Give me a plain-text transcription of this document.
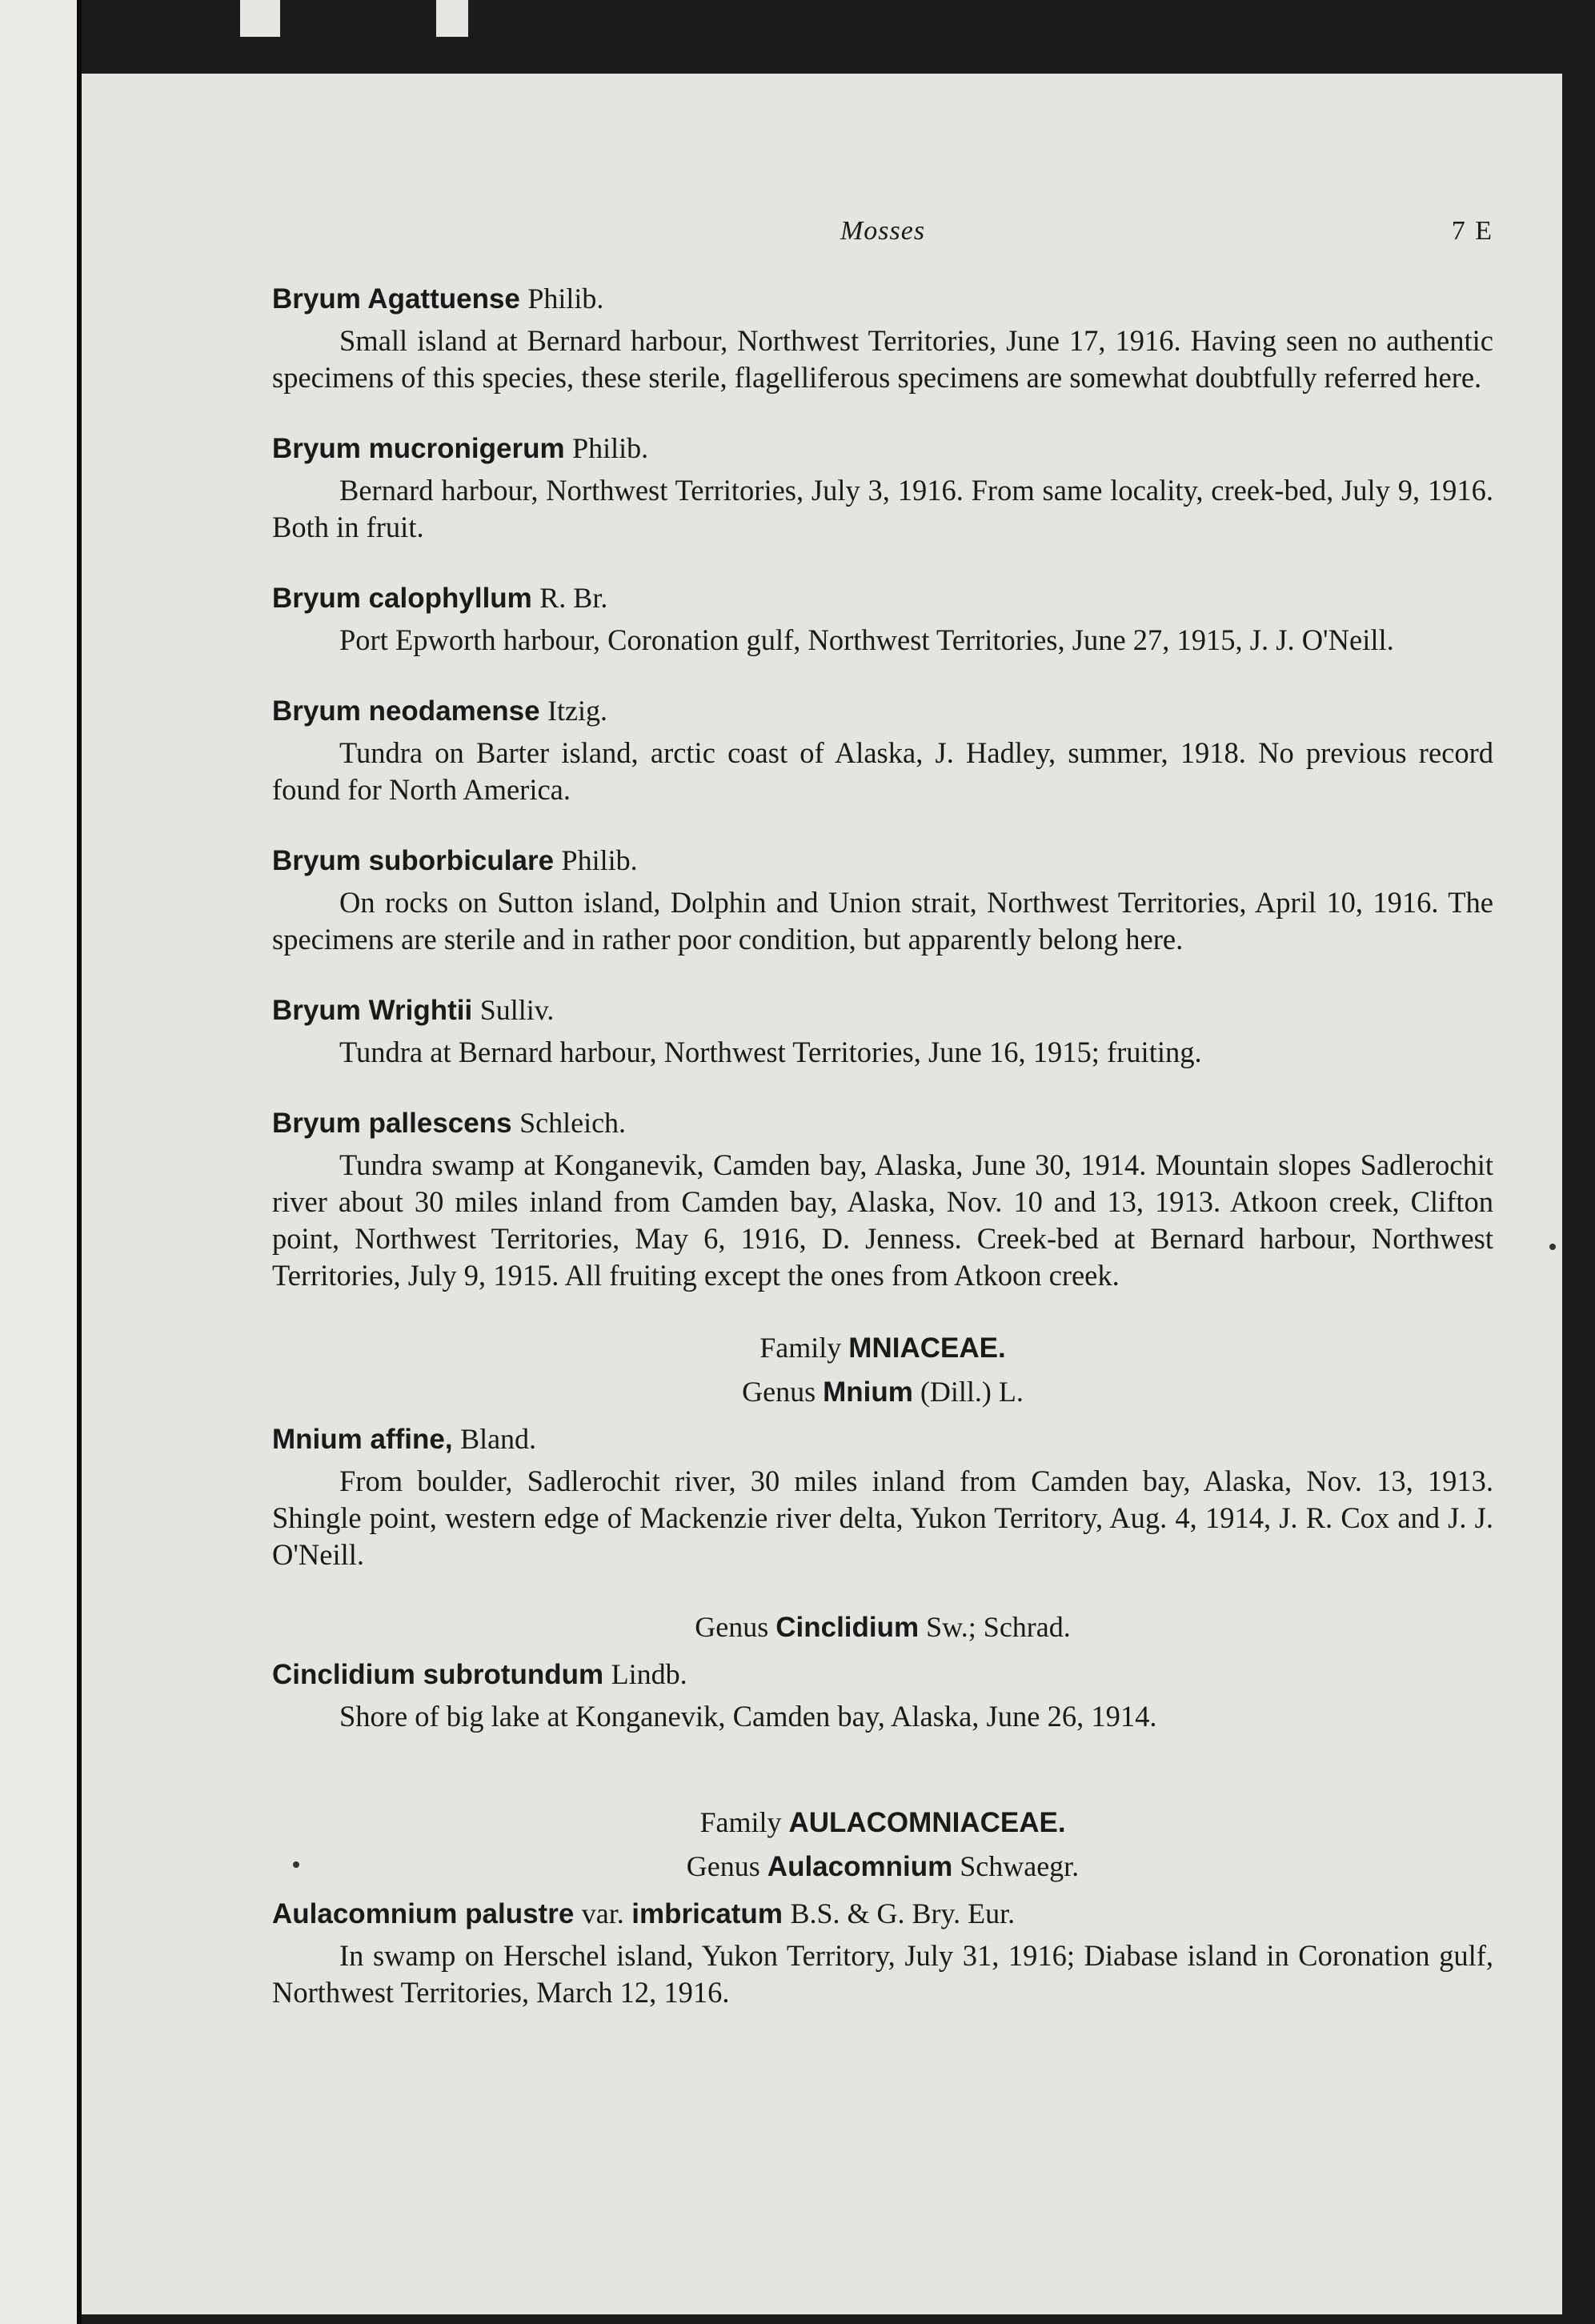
Mosses	7 E

Bryum Agattuense Philib.

Small island at Bernard harbour, Northwest Territories, June 17, 1916. Having seen no authentic specimens of this species, these sterile, flagelliferous specimens are somewhat doubtfully referred here.

Bryum mucronigerum Philib.

Bernard harbour, Northwest Territories, July 3, 1916. From same locality, creek-bed, July 9, 1916. Both in fruit.

Bryum calophyllum R. Br.

Port Epworth harbour, Coronation gulf, Northwest Territories, June 27, 1915, J. J. O'Neill.

Bryum neodamense Itzig.

Tundra on Barter island, arctic coast of Alaska, J. Hadley, summer, 1918. No previous record found for North America.

Bryum suborbiculare Philib.

On rocks on Sutton island, Dolphin and Union strait, Northwest Territories, April 10, 1916. The specimens are sterile and in rather poor condition, but apparently belong here.

Bryum Wrightii Sulliv.

Tundra at Bernard harbour, Northwest Territories, June 16, 1915; fruiting.

Bryum pallescens Schleich.

Tundra swamp at Konganevik, Camden bay, Alaska, June 30, 1914. Mountain slopes Sadlerochit river about 30 miles inland from Camden bay, Alaska, Nov. 10 and 13, 1913. Atkoon creek, Clifton point, Northwest Territories, May 6, 1916, D. Jenness. Creek-bed at Bernard harbour, Northwest Territories, July 9, 1915. All fruiting except the ones from Atkoon creek.

Family MNIACEAE.

Genus Mnium (Dill.) L.

Mnium affine, Bland.

From boulder, Sadlerochit river, 30 miles inland from Camden bay, Alaska, Nov. 13, 1913. Shingle point, western edge of Mackenzie river delta, Yukon Territory, Aug. 4, 1914, J. R. Cox and J. J. O'Neill.

Genus Cinclidium Sw.; Schrad.

Cinclidium subrotundum Lindb.

Shore of big lake at Konganevik, Camden bay, Alaska, June 26, 1914.

Family AULACOMNIACEAE.

Genus Aulacomnium Schwaegr.

Aulacomnium palustre var. imbricatum B.S. & G. Bry. Eur.

In swamp on Herschel island, Yukon Territory, July 31, 1916; Diabase island in Coronation gulf, Northwest Territories, March 12, 1916.
